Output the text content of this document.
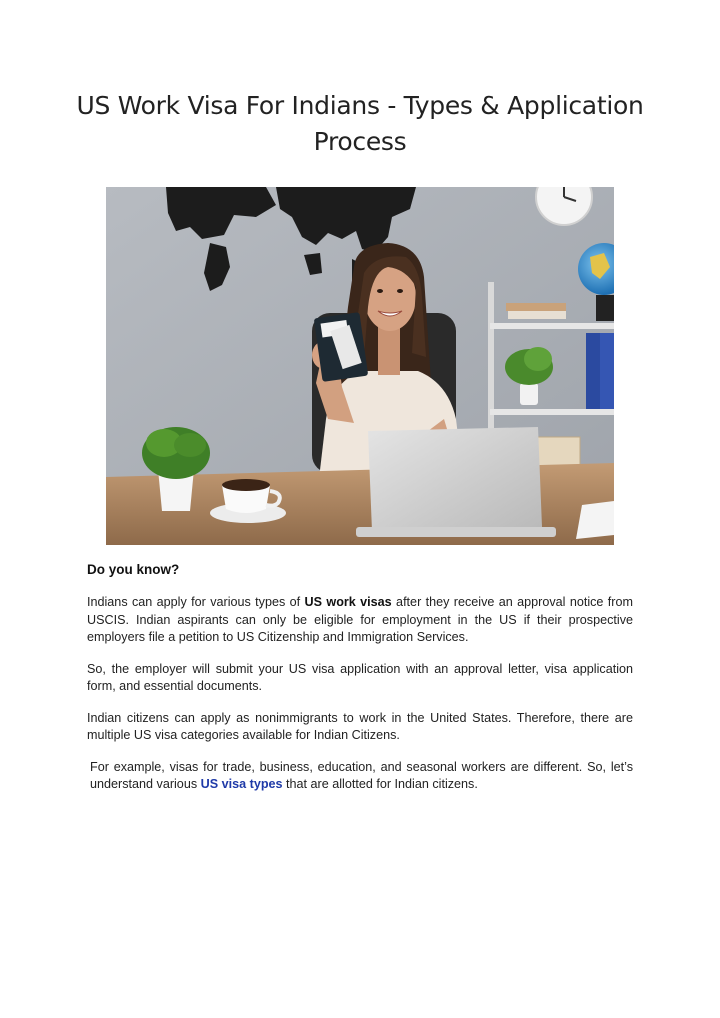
US Work Visa For Indians - Types & Application Process
Do you know?

Indians can apply for various types of US work visas after they receive an approval notice from USCIS. Indian aspirants can only be eligible for employment in the US if their prospective employers file a petition to US Citizenship and Immigration Services.

So, the employer will submit your US visa application with an approval letter, visa application form, and essential documents.

Indian citizens can apply as nonimmigrants to work in the United States. Therefore, there are multiple US visa categories available for Indian Citizens.

For example, visas for trade, business, education, and seasonal workers are different. So, let’s understand various US visa types that are allotted for Indian citizens.
